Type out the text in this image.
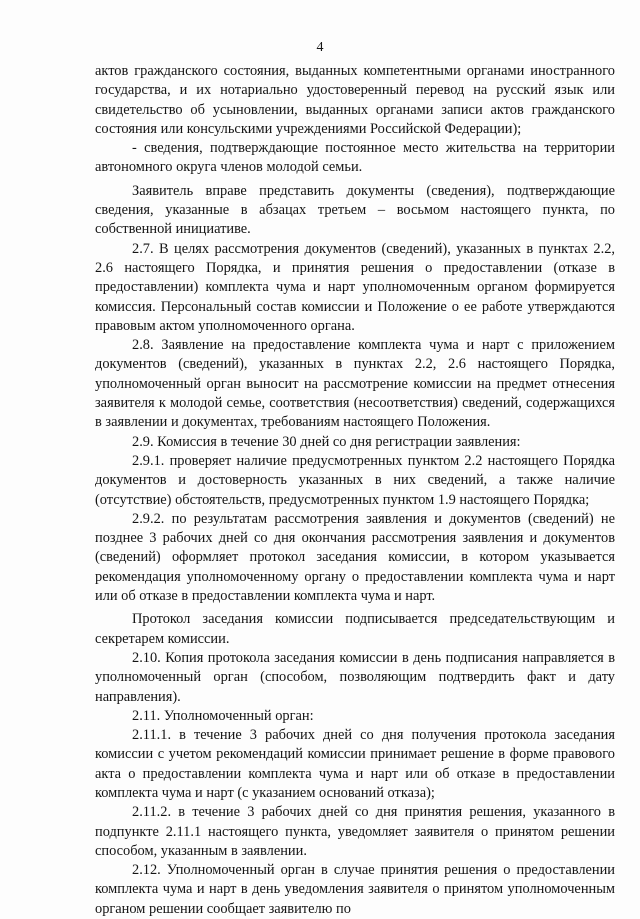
4

актов гражданского состояния, выданных компетентными органами иностранного государства, и их нотариально удостоверенный перевод на русский язык или свидетельство об усыновлении, выданных органами записи актов гражданского состояния или консульскими учреждениями Российской Федерации);

- сведения, подтверждающие постоянное место жительства на территории автономного округа членов молодой семьи.

Заявитель вправе представить документы (сведения), подтверждающие сведения, указанные в абзацах третьем – восьмом настоящего пункта, по собственной инициативе.

2.7. В целях рассмотрения документов (сведений), указанных в пунктах 2.2, 2.6 настоящего Порядка, и принятия решения о предоставлении (отказе в предоставлении) комплекта чума и нарт уполномоченным органом формируется комиссия. Персональный состав комиссии и Положение о ее работе утверждаются правовым актом уполномоченного органа.

2.8. Заявление на предоставление комплекта чума и нарт с приложением документов (сведений), указанных в пунктах 2.2, 2.6 настоящего Порядка, уполномоченный орган выносит на рассмотрение комиссии на предмет отнесения заявителя к молодой семье, соответствия (несоответствия) сведений, содержащихся в заявлении и документах, требованиям настоящего Положения.

2.9. Комиссия в течение 30 дней со дня регистрации заявления:

2.9.1. проверяет наличие предусмотренных пунктом 2.2 настоящего Порядка документов и достоверность указанных в них сведений, а также наличие (отсутствие) обстоятельств, предусмотренных пунктом 1.9 настоящего Порядка;

2.9.2. по результатам рассмотрения заявления и документов (сведений) не позднее 3 рабочих дней со дня окончания рассмотрения заявления и документов (сведений) оформляет протокол заседания комиссии, в котором указывается рекомендация уполномоченному органу о предоставлении комплекта чума и нарт или об отказе в предоставлении комплекта чума и нарт.

Протокол заседания комиссии подписывается председательствующим и секретарем комиссии.

2.10. Копия протокола заседания комиссии в день подписания направляется в уполномоченный орган (способом, позволяющим подтвердить факт и дату направления).

2.11. Уполномоченный орган:

2.11.1. в течение 3 рабочих дней со дня получения протокола заседания комиссии с учетом рекомендаций комиссии принимает решение в форме правового акта о предоставлении комплекта чума и нарт или об отказе в предоставлении комплекта чума и нарт (с указанием оснований отказа);

2.11.2. в течение 3 рабочих дней со дня принятия решения, указанного в подпункте 2.11.1 настоящего пункта, уведомляет заявителя о принятом решении способом, указанным в заявлении.

2.12. Уполномоченный орган в случае принятия решения о предоставлении комплекта чума и нарт в день уведомления заявителя о принятом уполномоченным органом решении сообщает заявителю по
